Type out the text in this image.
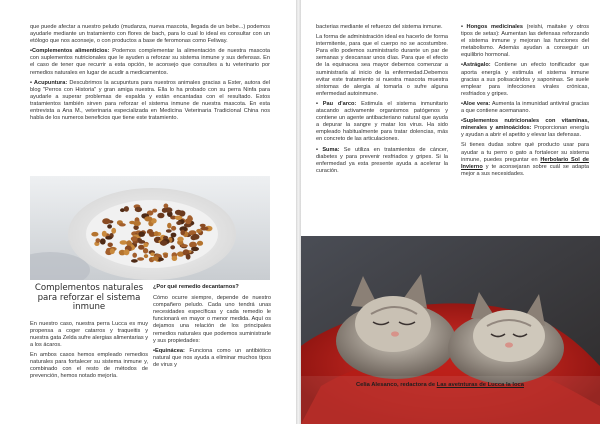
que puede afectar a nuestro peludo (mudanza, nueva mascota, llegada de un bebe...) podemos ayudarle mediante un tratamiento con flores de bach, para lo cual lo ideal es consultar con un etólogo que nos aconseje, o con productos a base de feromonas como Feliway.

•Complementos alimenticios: Podemos complementar la alimentación de nuestra mascota con suplementos nutricionales que le ayuden a reforzar su sistema inmune y sus defensas. En el caso de tener que recurrir a esta opción, te aconsejo que consultes a tu veterinario por remedios naturales en lugar de acudir a medicamentos.

• Acupuntura: Descubrimos la acupuntura para nuestros animales gracias a Ester, autora del blog "Perros con Historia" y gran amiga nuestra. Ella lo ha probado con su perra Ninfa para ayudarle a superar problemas de espalda y están encantadas con el resultado. Estos tratamientos también sirven para reforzar el sistema inmune de nuestra mascota. En esta entrevista a Ana M., veterinaria especializada en Medicina Veterinaria Tradicional China nos habla de los numeros beneficios que tiene este tratamiento.

Complementos naturales para reforzar el sistema inmune

En nuestro caso, nuestra perra Lucca es muy propensa a coger catarros y traqueitis y nuestra gata Zelda sufre alergias alimentarias y a los ácaros.

En ambos casos hemos empleado remedios naturales para fortalecer su sistema inmune y, combinado con el resto de métodos de prevención, hemos notado mejoría.

¿Por qué remedio decantarnos?

Cómo ocurre siempre, depende de nuestro compañero peludo. Cada uno tendrá unas necesidades específicas y cada remedio le funcionará en mayor o menor medida. Aquí os dejamos una relación de los principales remedios naturales que podemos suministrarle y sus propiedades:

•Equinácea: Funciona como un antibiótico natural que nos ayuda a eliminar muchos tipos de virus y

bacterias mediante el refuerzo del sistema inmune.

La forma de administración ideal es hacerlo de forma intermitente, para que el cuerpo no se acostumbre. Para ello podemos suministrarlo durante un par de semanas y descansar unos días. Para que el efecto de la equinacea sea mayor debemos comenzar a suministrarla al inicio de la enfermedad.Debemos evitar este tratamiento si nuestra mascota muestra síntomas de alergia al tomarla o sufre alguna enfermedad autoinmune.

• Pau d'arco: Estimula el sistema inmunitario atacando activamente organismos patógenos y contiene un agente antibacteriano natural que ayuda a depurar la sangre y matar los virus. Ha sido empleado habitualmente para tratar dolencias, más en concreto de las articulaciones.

• Suma: Se utiliza en tratamientos de cáncer, diabetes y para prevenir resfriados y gripes. Si la enfermedad ya esta presente ayuda a acelerar la curación.

• Hongos medicinales (reishi, maitake y otros tipos de setas): Aumentan las defensas reforzando el sistema inmune y mejoran las funciones del metabolismo. Además ayudan a conseguir un equilibrio hormonal.

•Astrágalo: Contiene un efecto tonificador que aporta energía y estimula el sistema inmune gracias a sus polisacáridos y saponinas. Se suele emplear para infecciones virales crónicas, resfriados y gripes.

•Aloe vera: Aumenta la inmunidad antiviral gracias a que contiene acemanano.

•Suplementos nutricionales con vitaminas, minerales y aminoácidos: Proporcionan energía y ayudan a abrir el apetito y elevar las defensas.

Si tienes dudas sobre qué producto usar para ayudar a tu perro o gato a fortalecer su sistema inmune, puedes preguntar en Herbolario Sol de Invierno y te aconsejaran sobre cuál se adapta mejor a sus necesidades.

Celia Alesanco, redactora de Las avetnturas de Lucca la loca
